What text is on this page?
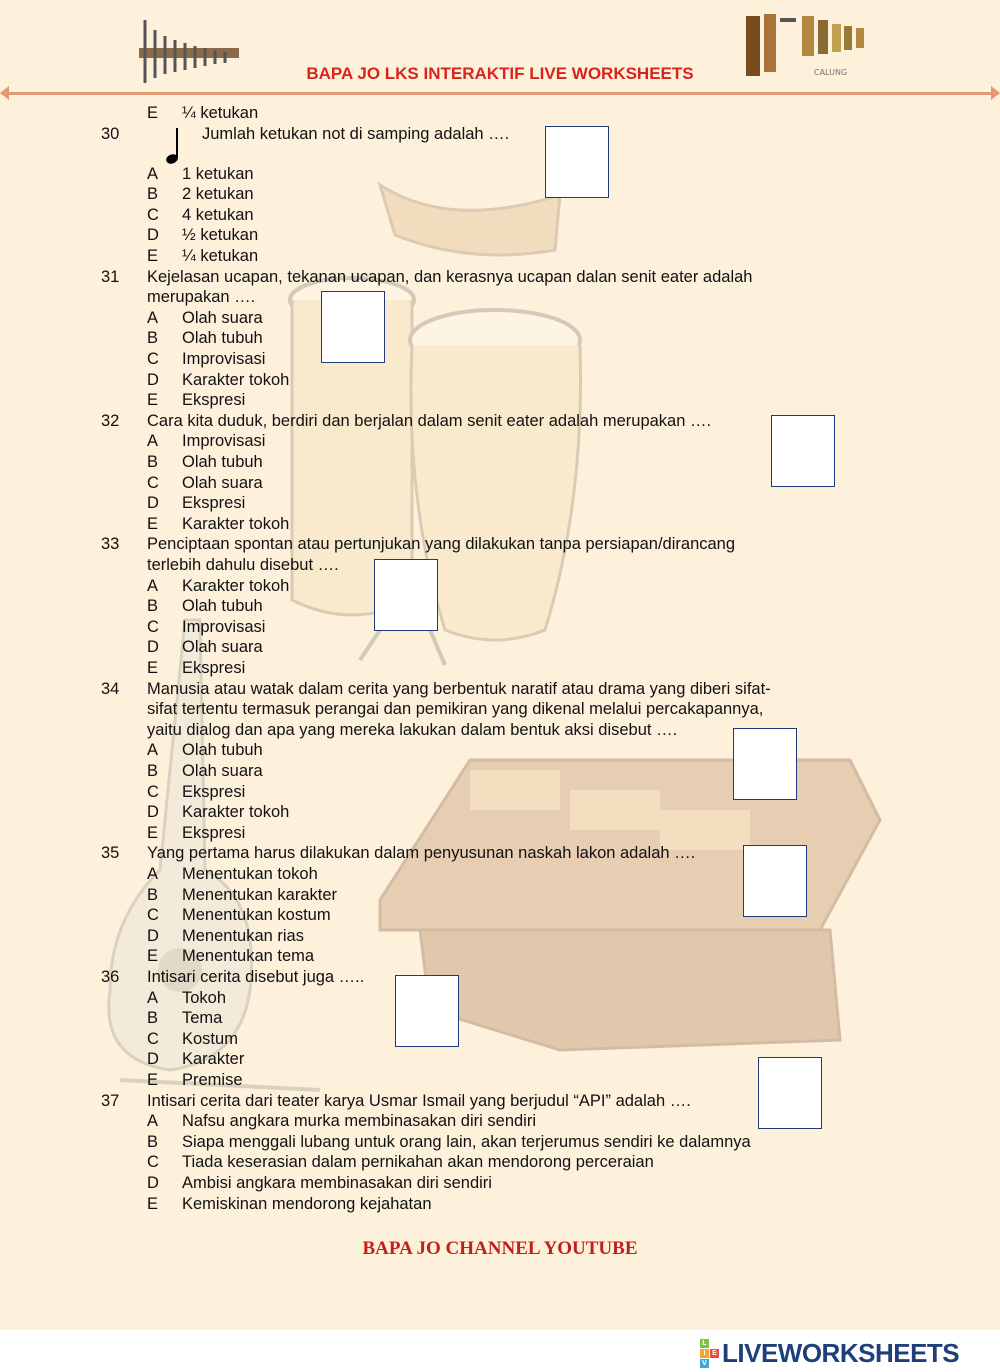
CALUNG
BAPA JO LKS INTERAKTIF LIVE WORKSHEETS
E ¼ ketukan
30	Jumlah ketukan not di samping adalah ….
A 1 ketukan
B 2 ketukan
C 4 ketukan
D ½ ketukan
E ¼ ketukan
31 Kejelasan ucapan, tekanan ucapan, dan kerasnya ucapan dalan senit eater adalah
merupakan ….
A Olah suara
B Olah tubuh
C Improvisasi
D Karakter tokoh
E Ekspresi
32 Cara kita duduk, berdiri dan berjalan dalam senit eater adalah merupakan ….
A Improvisasi
B Olah tubuh
C Olah suara
D Ekspresi
E Karakter tokoh
33 Penciptaan spontan atau pertunjukan yang dilakukan tanpa persiapan/dirancang
terlebih dahulu disebut ….
A Karakter tokoh
B Olah tubuh
C Improvisasi
D Olah suara
E Ekspresi
34 Manusia atau watak dalam cerita yang berbentuk naratif atau drama yang diberi sifat-
sifat tertentu termasuk perangai dan pemikiran yang dikenal melalui percakapannya,
yaitu dialog dan apa yang mereka lakukan dalam bentuk aksi disebut ….
A Olah tubuh
B Olah suara
C Ekspresi
D Karakter tokoh
E Ekspresi
35 Yang pertama harus dilakukan dalam penyusunan naskah lakon adalah ….
A Menentukan tokoh
B Menentukan karakter
C Menentukan kostum
D Menentukan rias
E Menentukan tema
36 Intisari cerita disebut juga …..
A Tokoh
B Tema
C Kostum
D Karakter
E Premise
37 Intisari cerita dari teater karya Usmar Ismail yang berjudul “API” adalah ….
A Nafsu angkara murka membinasakan diri sendiri
B Siapa menggali lubang untuk orang lain, akan terjerumus sendiri ke dalamnya
C Tiada keserasian dalam pernikahan akan mendorong perceraian
D Ambisi angkara membinasakan diri sendiri
E Kemiskinan mendorong kejahatan
BAPA JO CHANNEL YOUTUBE
L
I E
V LIVEWORKSHEETS
